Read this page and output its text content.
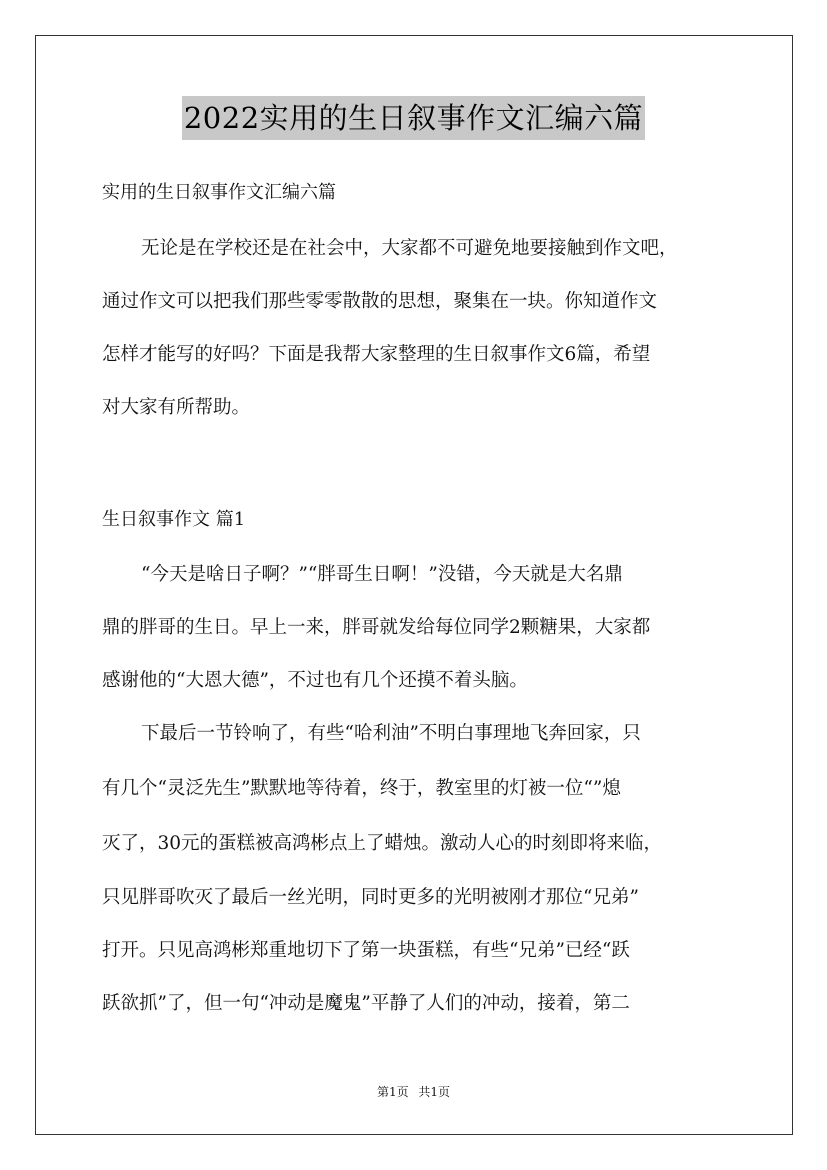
2022实用的生日叙事作文汇编六篇
实用的生日叙事作文汇编六篇
无论是在学校还是在社会中，大家都不可避免地要接触到作文吧，
通过作文可以把我们那些零零散散的思想，聚集在一块。你知道作文
怎样才能写的好吗？下面是我帮大家整理的生日叙事作文6篇，希望
对大家有所帮助。
生日叙事作文 篇1
“今天是啥日子啊？”“胖哥生日啊！”没错，今天就是大名鼎
鼎的胖哥的生日。早上一来，胖哥就发给每位同学2颗糖果，大家都
感谢他的“大恩大德”，不过也有几个还摸不着头脑。
下最后一节铃响了，有些“哈利油”不明白事理地飞奔回家，只
有几个“灵泛先生”默默地等待着，终于，教室里的灯被一位“”熄
灭了，30元的蛋糕被高鸿彬点上了蜡烛。激动人心的时刻即将来临，
只见胖哥吹灭了最后一丝光明，同时更多的光明被刚才那位“兄弟”
打开。只见高鸿彬郑重地切下了第一块蛋糕，有些“兄弟”已经“跃
跃欲抓”了，但一句“冲动是魔鬼”平静了人们的冲动，接着，第二
第1页 共1页
